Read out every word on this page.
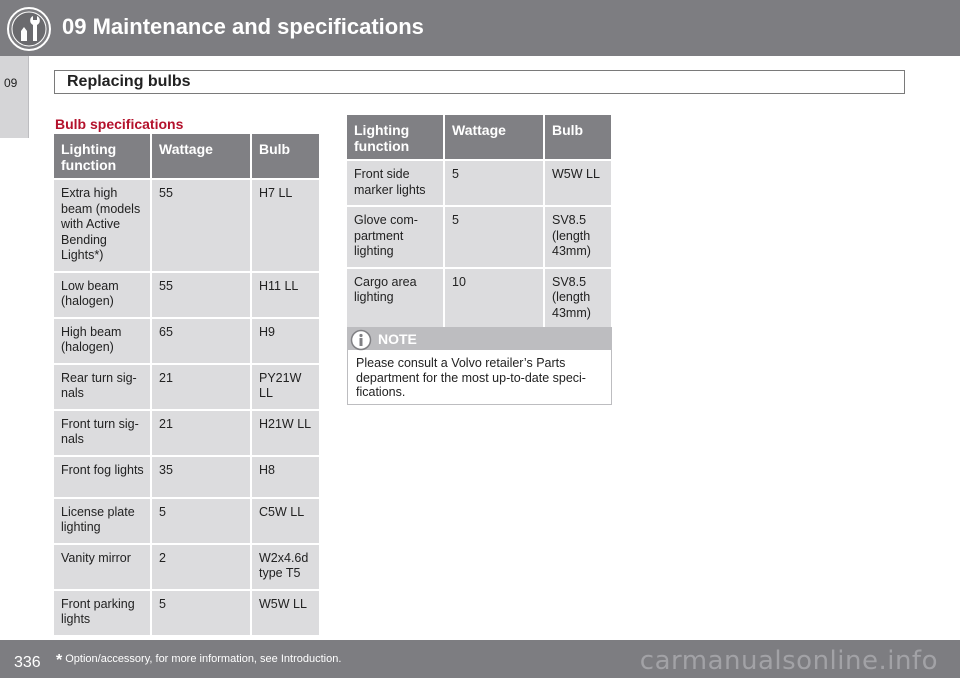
09 Maintenance and specifications
09	Replacing bulbs
Bulb specifications
Lighting function	Wattage	Bulb
Extra high beam (models with Active Bending Lights*)	55	H7 LL
Low beam (halogen)	55	H11 LL
High beam (halogen)	65	H9
Rear turn sig-nals	21	PY21W LL
Front turn sig-nals	21	H21W LL
Front fog lights	35	H8
License plate lighting	5	C5W LL
Vanity mirror	2	W2x4.6d type T5
Front parking lights	5	W5W LL
Lighting function	Wattage	Bulb
Front side marker lights	5	W5W LL
Glove com-partment lighting	5	SV8.5 (length 43mm)
Cargo area lighting	10	SV8.5 (length 43mm)
NOTE
Please consult a Volvo retailer’s Parts department for the most up-to-date speci-fications.
336 * Option/accessory, for more information, see Introduction.	carmanualsonline.info
